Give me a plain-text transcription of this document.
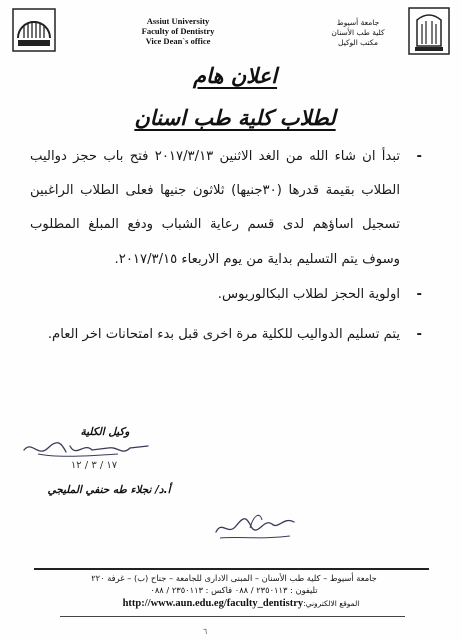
Assiut University
Faculty of Dentistry
Vice Dean`s office
جامعة أسيوط
كلية طب الأسنان
مكتب الوكيل
اعلان هام
لطلاب كلية طب اسنان
-
تبدأ ان شاء الله من الغد الاثنين ٢٠١٧/٣/١٣ فتح باب حجز دواليب الطلاب بقيمة قدرها (٣٠جنيها) ثلاثون جنيها فعلى الطلاب الراغبين تسجيل اساؤهم لدى قسم رعاية الشباب ودفع المبلغ المطلوب وسوف يتم التسليم بداية من يوم الاربعاء ٢٠١٧/٣/١٥.
-
اولوية الحجز لطلاب البكالوريوس.
-
يتم تسليم الدواليب للكلية مرة اخرى قبل بدء امتحانات اخر العام.
وكيل الكلية
١٧ / ٣ / ١٢
أ.د/ نجلاء طه حنفي المليجي
جامعة أسيوط – كلية طب الأسنان – المبنى الادارى للجامعة – جناح (ب) – غرفة ٢٢٠
تليفون : ٢٣٥٠١١٣ / ٠٨٨ فاكس : ٢٣٥٠١١٣ / ٠٨٨
http://www.aun.edu.eg/faculty_dentistry:الموقع الالكتروني
٦
